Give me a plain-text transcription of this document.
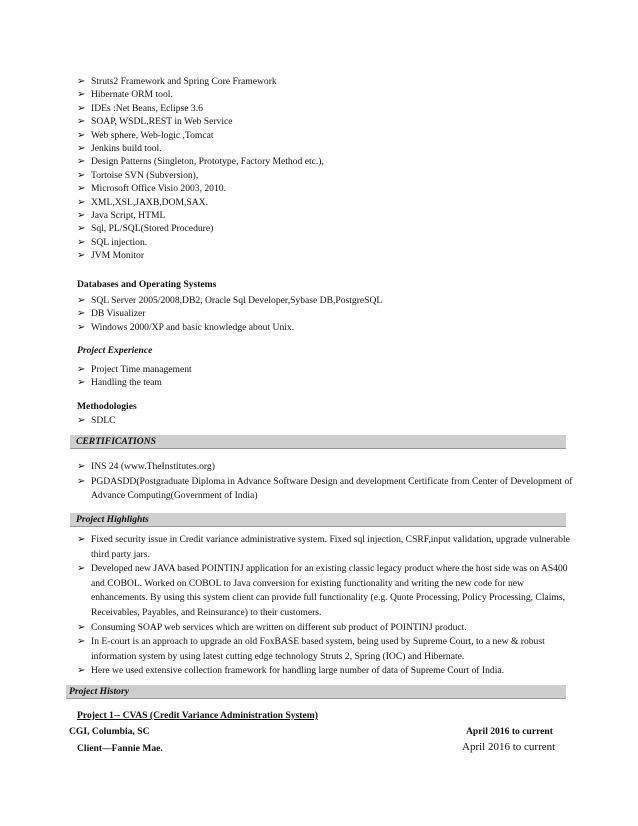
➢ Struts2 Framework and Spring Core Framework
➢ Hibernate ORM tool.
➢ IDEs :Net Beans, Eclipse 3.6
➢ SOAP, WSDL,REST in Web Service
➢ Web sphere, Web-logic ,Tomcat
➢ Jenkins build tool.
➢ Design Patterns (Singleton, Prototype, Factory Method etc.),
➢ Tortoise SVN (Subversion),
➢ Microsoft Office Visio 2003, 2010.
➢ XML,XSL,JAXB,DOM,SAX.
➢ Java Script, HTML
➢ Sql, PL/SQL(Stored Procedure)
➢ SQL injection.
➢ JVM Monitor
Databases and Operating Systems
➢ SQL Server 2005/2008,DB2, Oracle Sql Developer,Sybase DB,PostgreSQL
➢ DB Visualizer
➢ Windows 2000/XP and basic knowledge about Unix.
Project Experience
➢ Project Time management
➢ Handling the team
Methodologies
➢ SDLC
CERTIFICATIONS
➢ INS 24 (www.TheInstitutes.org)
➢ PGDASDD(Postgraduate Diploma in Advance Software Design and development Certificate from Center of Development of Advance Computing(Government of India)
Project Highlights
➢ Fixed security issue in Credit variance administrative system. Fixed sql injection, CSRF,input validation, upgrade vulnerable third party jars.
➢ Developed new JAVA based POINTINJ application for an existing classic legacy product where the host side was on AS400 and COBOL. Worked on COBOL to Java conversion for existing functionality and writing the new code for new enhancements. By using this system client can provide full functionality (e.g. Quote Processing, Policy Processing, Claims, Receivables, Payables, and Reinsurance) to their customers.
➢ Consuming SOAP web services which are written on different sub product of POINTINJ product.
➢ In E-court is an approach to upgrade an old FoxBASE based system, being used by Supreme Court, to a new & robust information system by using latest cutting edge technology Struts 2, Spring (IOC) and Hibernate.
➢ Here we used extensive collection framework for handling large number of data of Supreme Court of India.
Project History
Project 1-- CVAS (Credit Variance Administration System)
CGI, Columbia, SC	April 2016 to current
Client—Fannie Mae.	April 2016 to current
